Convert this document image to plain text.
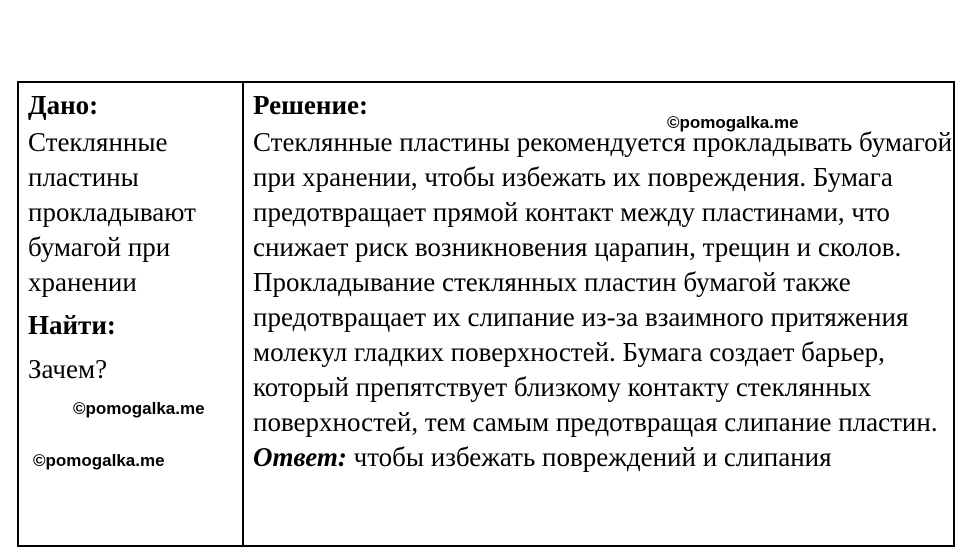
Дано:
Стеклянные пластины прокладывают бумагой при хранении
Найти:
Зачем?
Решение:
Стеклянные пластины рекомендуется прокладывать бумагой при хранении, чтобы избежать их повреждения. Бумага предотвращает прямой контакт между пластинами, что снижает риск возникновения царапин, трещин и сколов.
Прокладывание стеклянных пластин бумагой также предотвращает их слипание из-за взаимного притяжения молекул гладких поверхностей. Бумага создает барьер, который препятствует близкому контакту стеклянных поверхностей, тем самым предотвращая слипание пластин.
Ответ: чтобы избежать повреждений и слипания
©pomogalka.me
©pomogalka.me
©pomogalka.me
